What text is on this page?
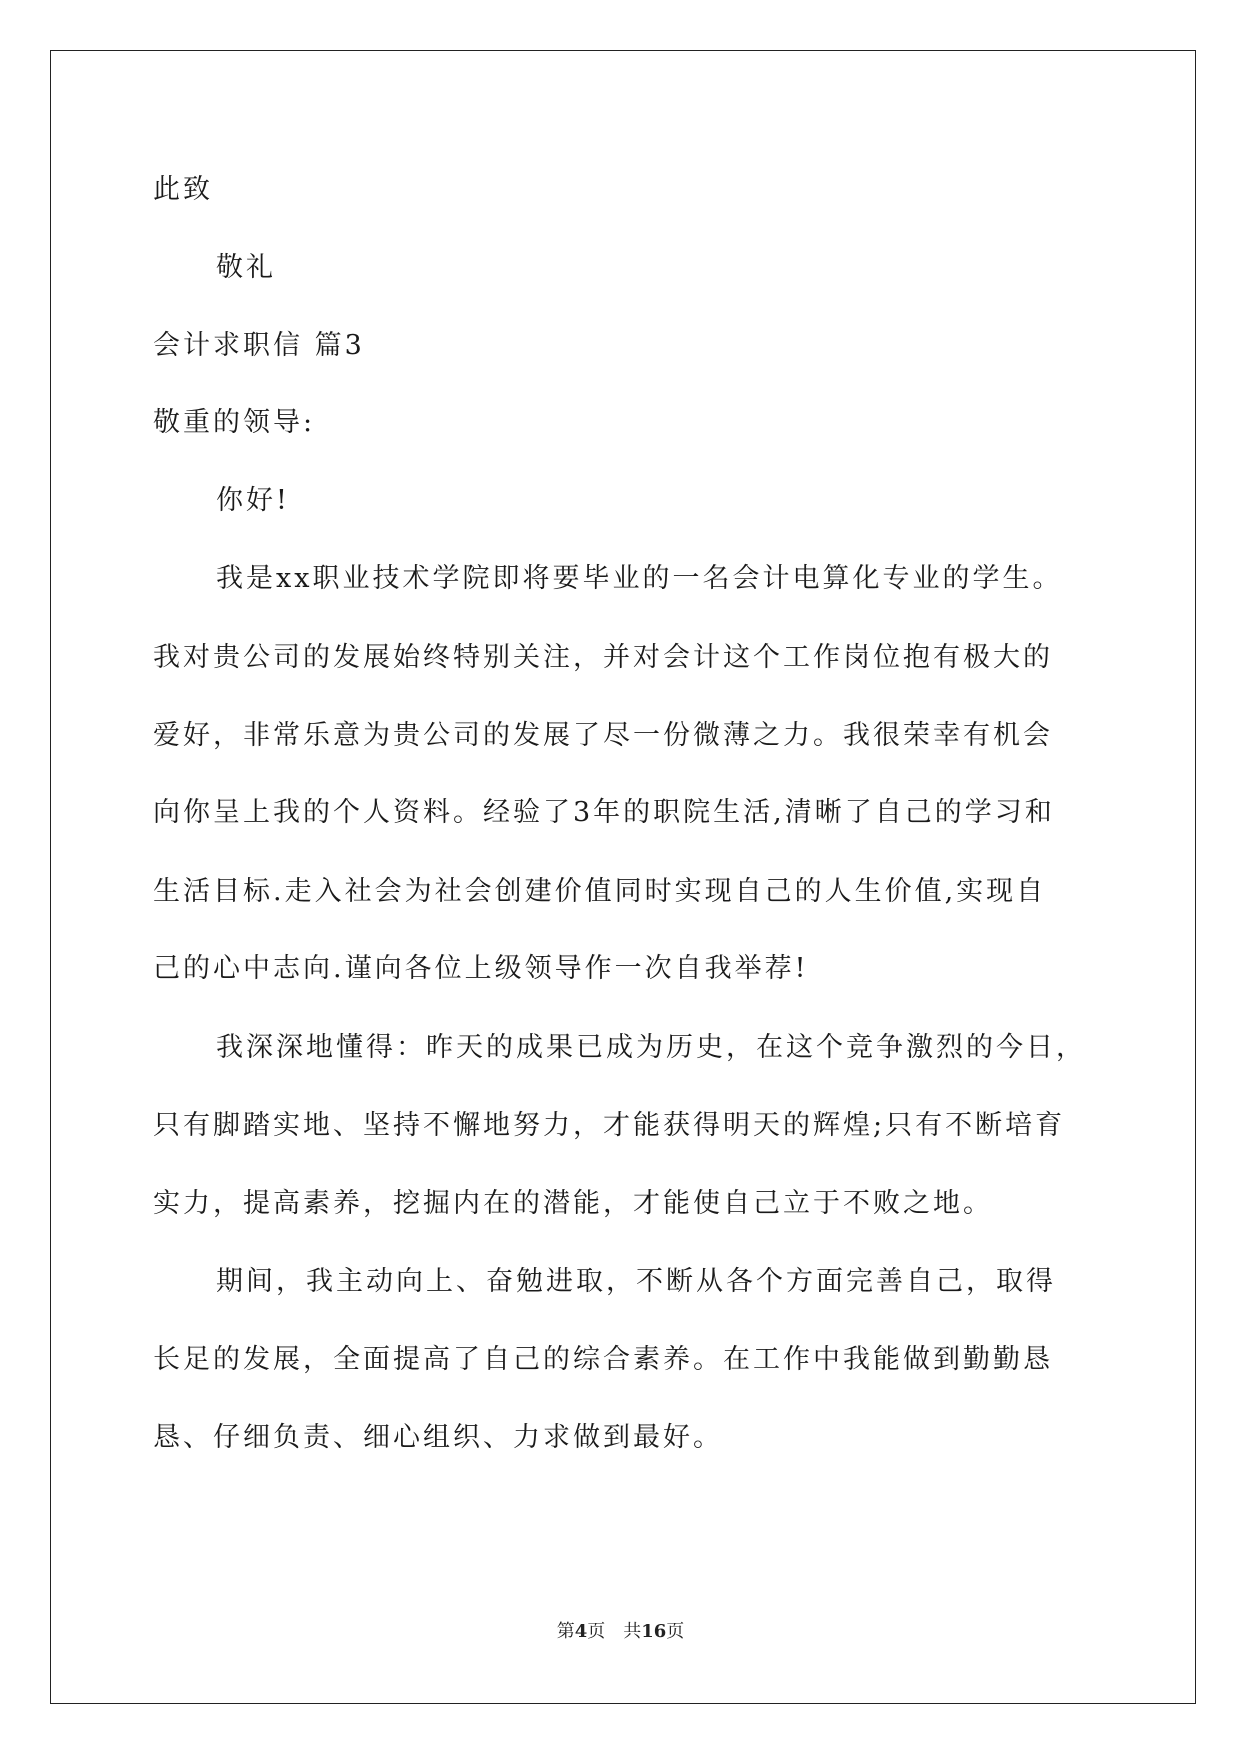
此致
敬礼
会计求职信 篇3
敬重的领导:
你好!
我是xx职业技术学院即将要毕业的一名会计电算化专业的学生。
我对贵公司的发展始终特别关注，并对会计这个工作岗位抱有极大的
爱好，非常乐意为贵公司的发展了尽一份微薄之力。我很荣幸有机会
向你呈上我的个人资料。经验了3年的职院生活,清晰了自己的学习和
生活目标.走入社会为社会创建价值同时实现自己的人生价值,实现自
己的心中志向.谨向各位上级领导作一次自我举荐!
我深深地懂得：昨天的成果已成为历史，在这个竞争激烈的今日，
只有脚踏实地、坚持不懈地努力，才能获得明天的辉煌;只有不断培育
实力，提高素养，挖掘内在的潜能，才能使自己立于不败之地。
期间，我主动向上、奋勉进取，不断从各个方面完善自己，取得
长足的发展，全面提高了自己的综合素养。在工作中我能做到勤勤恳
恳、仔细负责、细心组织、力求做到最好。
第4页 共16页
